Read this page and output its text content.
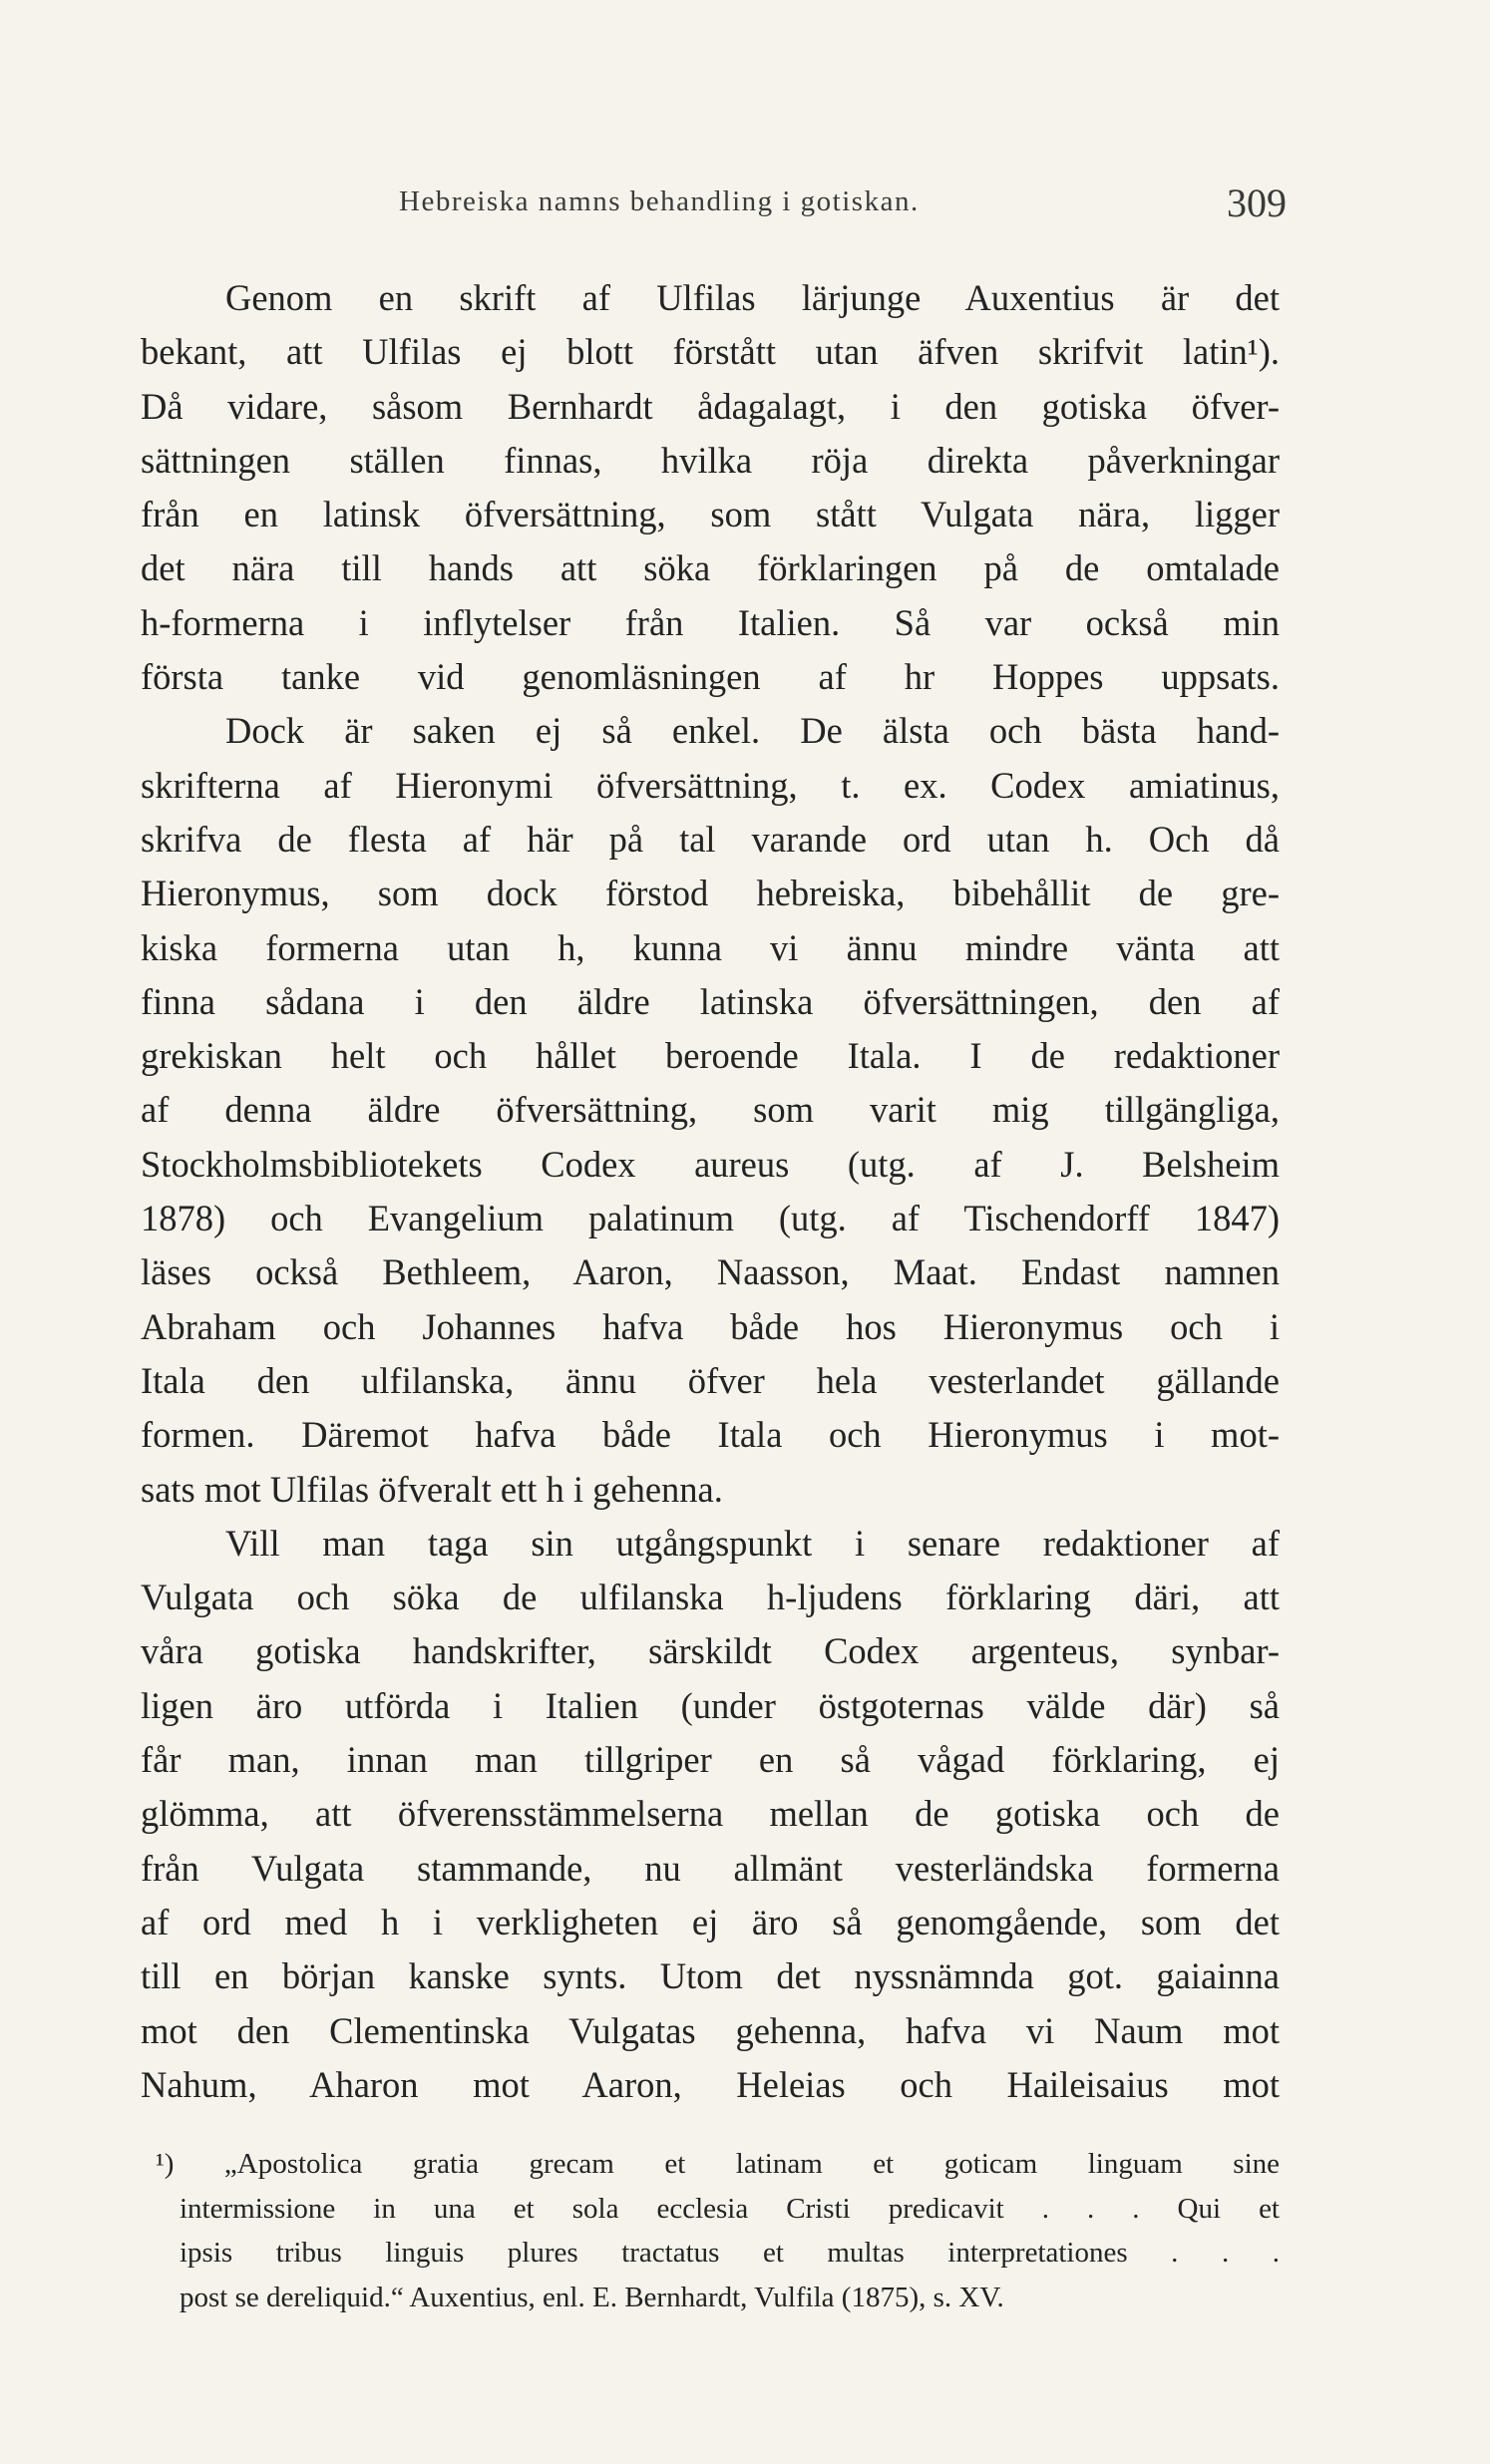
Hebreiska namns behandling i gotiskan.	309
Genom en skrift af Ulfilas lärjunge Auxentius är det
bekant, att Ulfilas ej blott förstått utan äfven skrifvit latin¹).
Då vidare, såsom Bernhardt ådagalagt, i den gotiska öfver-
sättningen ställen finnas, hvilka röja direkta påverkningar
från en latinsk öfversättning, som stått Vulgata nära, ligger
det nära till hands att söka förklaringen på de omtalade
h-formerna i inflytelser från Italien. Så var också min
första tanke vid genomläsningen af hr Hoppes uppsats.
Dock är saken ej så enkel. De älsta och bästa hand-
skrifterna af Hieronymi öfversättning, t. ex. Codex amiatinus,
skrifva de flesta af här på tal varande ord utan h. Och då
Hieronymus, som dock förstod hebreiska, bibehållit de gre-
kiska formerna utan h, kunna vi ännu mindre vänta att
finna sådana i den äldre latinska öfversättningen, den af
grekiskan helt och hållet beroende Itala. I de redaktioner
af denna äldre öfversättning, som varit mig tillgängliga,
Stockholmsbibliotekets Codex aureus (utg. af J. Belsheim
1878) och Evangelium palatinum (utg. af Tischendorff 1847)
läses också Bethleem, Aaron, Naasson, Maat. Endast namnen
Abraham och Johannes hafva både hos Hieronymus och i
Itala den ulfilanska, ännu öfver hela vesterlandet gällande
formen. Däremot hafva både Itala och Hieronymus i mot-
sats mot Ulfilas öfveralt ett h i gehenna.
Vill man taga sin utgångspunkt i senare redaktioner af
Vulgata och söka de ulfilanska h-ljudens förklaring däri, att
våra gotiska handskrifter, särskildt Codex argenteus, synbar-
ligen äro utförda i Italien (under östgoternas välde där) så
får man, innan man tillgriper en så vågad förklaring, ej
glömma, att öfverensstämmelserna mellan de gotiska och de
från Vulgata stammande, nu allmänt vesterländska formerna
af ord med h i verkligheten ej äro så genomgående, som det
till en början kanske synts. Utom det nyssnämnda got. gaiainna
mot den Clementinska Vulgatas gehenna, hafva vi Naum mot
Nahum, Aharon mot Aaron, Heleias och Haileisaius mot
¹) „Apostolica gratia grecam et latinam et goticam linguam sine
intermissione in una et sola ecclesia Cristi predicavit . . . Qui et
ipsis tribus linguis plures tractatus et multas interpretationes . . .
post se dereliquid.“ Auxentius, enl. E. Bernhardt, Vulfila (1875), s. XV.
